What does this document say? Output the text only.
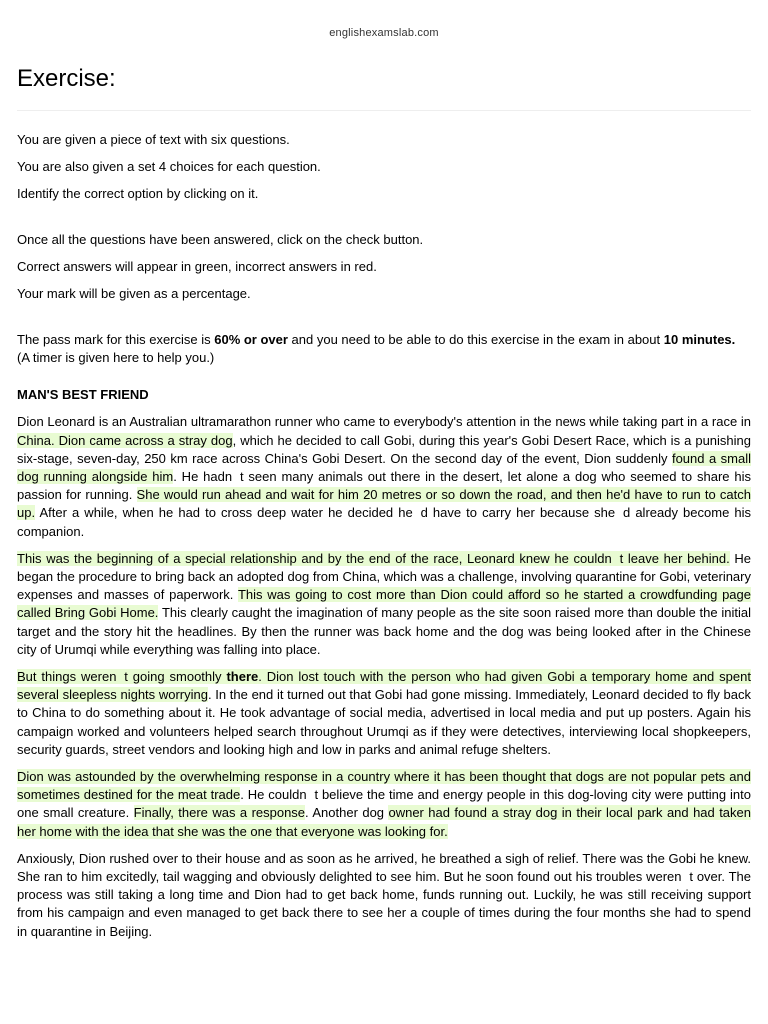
englishexamslab.com
Exercise:

You are given a piece of text with six questions.

You are also given a set 4 choices for each question.

Identify the correct option by clicking on it.

Once all the questions have been answered, click on the check button.

Correct answers will appear in green, incorrect answers in red.

Your mark will be given as a percentage.

The pass mark for this exercise is 60% or over and you need to be able to do this exercise in the exam in about 10 minutes.

(A timer is given here to help you.)

MAN'S BEST FRIEND

Dion Leonard is an Australian ultramarathon runner who came to everybody's attention in the news while taking part in a race in China. Dion came across a stray dog, which he decided to call Gobi, during this year's Gobi Desert Race, which is a punishing six-stage, seven-day, 250 km race across China's Gobi Desert. On the second day of the event, Dion suddenly found a small dog running alongside him. He hadnt seen many animals out there in the desert, let alone a dog who seemed to share his passion for running. She would run ahead and wait for him 20 metres or so down the road, and then he'd have to run to catch up. After a while, when he had to cross deep water he decided hed have to carry her because shed already become his companion.

This was the beginning of a special relationship and by the end of the race, Leonard knew he couldnt leave her behind. He began the procedure to bring back an adopted dog from China, which was a challenge, involving quarantine for Gobi, veterinary expenses and masses of paperwork. This was going to cost more than Dion could afford so he started a crowdfunding page called Bring Gobi Home. This clearly caught the imagination of many people as the site soon raised more than double the initial target and the story hit the headlines. By then the runner was back home and the dog was being looked after in the Chinese city of Urumqi while everything was falling into place.

But things werent going smoothly there. Dion lost touch with the person who had given Gobi a temporary home and spent several sleepless nights worrying. In the end it turned out that Gobi had gone missing. Immediately, Leonard decided to fly back to China to do something about it. He took advantage of social media, advertised in local media and put up posters. Again his campaign worked and volunteers helped search throughout Urumqi as if they were detectives, interviewing local shopkeepers, security guards, street vendors and looking high and low in parks and animal refuge shelters.

Dion was astounded by the overwhelming response in a country where it has been thought that dogs are not popular pets and sometimes destined for the meat trade. He couldnt believe the time and energy people in this dog-loving city were putting into one small creature. Finally, there was a response. Another dog owner had found a stray dog in their local park and had taken her home with the idea that she was the one that everyone was looking for.

Anxiously, Dion rushed over to their house and as soon as he arrived, he breathed a sigh of relief. There was the Gobi he knew. She ran to him excitedly, tail wagging and obviously delighted to see him. But he soon found out his troubles werent over. The process was still taking a long time and Dion had to get back home, funds running out. Luckily, he was still receiving support from his campaign and even managed to get back there to see her a couple of times during the four months she had to spend in quarantine in Beijing.
